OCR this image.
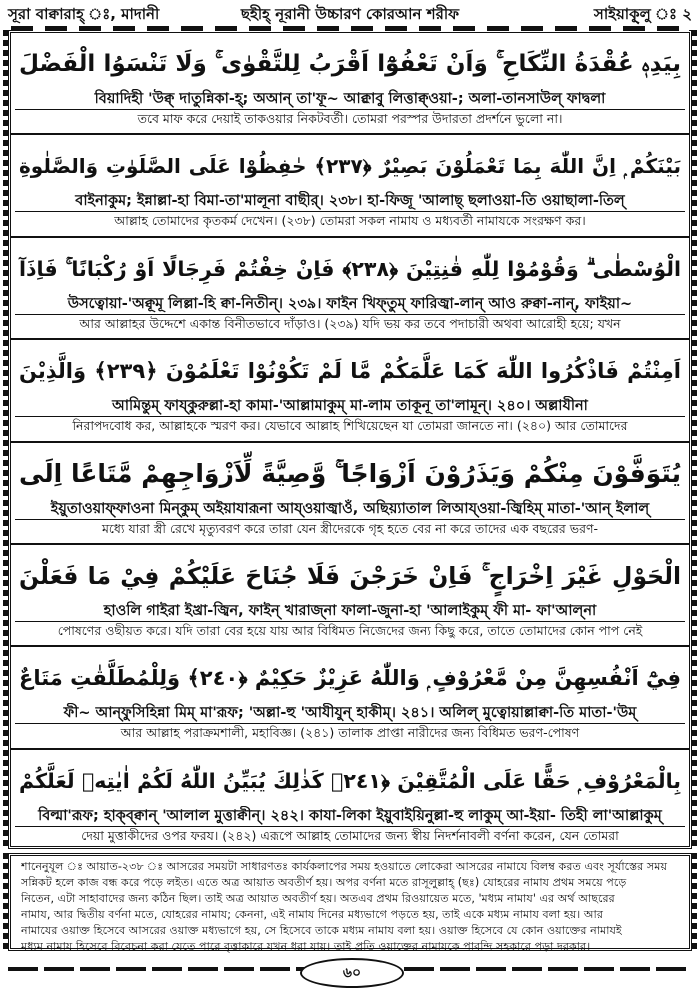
সূরা বাক্বারাহ্ ঃ, মাদানী	ছহীহ্ নূরানী উচ্চারণ কোরআন শরীফ	সাইয়াকূ্লু ঃ ২
بِيَدِهٖ عُقْدَةُ النِّكَاحِ ۚ وَاَنْ تَعْفُوْٓا اَقْرَبُ لِلتَّقْوٰى ۚ وَلَا تَنْسَوُا الْفَضْلَ
বিয়াদিহী 'উক্ব্ দাতুন্নিকা-হ্; অআন্ তা'ফূ~ আক্ব্রাবু লিত্তাক্ব্ওয়া-; অলা-তানসাউল্ ফাদ্বলা
তবে মাফ করে দেয়াই তাকওয়ার নিকটবর্তী। তোমরা পরস্পর উদারতা প্রদর্শনে ভুলো না।
بَيْنَكُمْ ۭ اِنَّ اللّٰهَ بِمَا تَعْمَلُوْنَ بَصِيْرٌ ﴿٢٣٧﴾ حٰفِظُوْا عَلَى الصَّلَوٰتِ وَالصَّلٰوةِ
বাইনাকুম; ইন্নাল্লা-হা বিমা-তা'মালূনা বাছীর্। ২৩৮। হা-ফিজূ 'আলাছ্ ছলাওয়া-তি ওয়াছালা-তিল্
আল্লাহ তোমাদের কৃতকর্ম দেখেন। (২৩৮) তোমরা সকল নামায ও মধ্যবর্তী নামাযকে সংরক্ষণ কর।
الْوُسْطٰى ۗ وَقُوْمُوْا لِلّٰهِ قٰنِتِيْنَ ﴿٢٣٨﴾ فَاِنْ خِفْتُمْ فَرِجَالًا اَوْ رُكْبَانًا ۚ فَاِذَآ
উসত্বোয়া-'অক্বূমূ লিল্লা-হি ক্বা-নিতীন্। ২৩৯। ফাইন খিফ্তুম্ ফারিজ্বা-লান্ আও রুক্বা-নান্, ফাইয়া~
আর আল্লাহর উদ্দেশে একান্ত বিনীতভাবে দাঁড়াও। (২৩৯) যদি ভয় কর তবে পদাচারী অথবা আরোহী হয়ে; যখন
اَمِنْتُمْ فَاذْكُرُوا اللّٰهَ كَمَا عَلَّمَكُمْ مَّا لَمْ تَكُوْنُوْا تَعْلَمُوْنَ ﴿٢٣٩﴾ وَالَّذِيْنَ
আমিন্তুম্ ফায্কুরুল্লা-হা কামা-'আল্লামাকুম্ মা-লাম তাকূনূ তা'লামূন্। ২৪০। অল্লাযীনা
নিরাপদবোধ কর, আল্লাহকে স্মরণ কর। যেভাবে আল্লাহ শিখিয়েছেন যা তোমরা জানতে না। (২৪০) আর তোমাদের
يُتَوَفَّوْنَ مِنْكُمْ وَيَذَرُوْنَ اَزْوَاجًا ۚ وَّصِيَّةً لِّاَزْوَاجِهِمْ مَّتَاعًا اِلَى
ইয়ুতাওয়াফ্ফাওনা মিন্কুম্ অইয়াযারূনা আয্ওয়াজ্বাওঁ, অছিয়্যাতাল লিআয্ওয়া-জ্বিহিম্ মাতা-'আন্ ইলাল্
মধ্যে যারা স্ত্রী রেখে মৃত্যুবরণ করে তারা যেন স্ত্রীদেরকে গৃহ হতে বের না করে তাদের এক বছরের ভরণ-
الْحَوْلِ غَيْرَ اِخْرَاجٍ ۚ فَاِنْ خَرَجْنَ فَلَا جُنَاحَ عَلَيْكُمْ فِيْ مَا فَعَلْنَ
হাওলি গাইরা ইখ্রা-জ্বিন, ফাইন্ খারাজ্না ফালা-জুনা-হা 'আলাইকুম্ ফী মা- ফা'আল্না
পোষণের ওছীয়ত করে। যদি তারা বের হয়ে যায় আর বিধিমত নিজেদের জন্য কিছু করে, তাতে তোমাদের কোন পাপ নেই
فِيْٓ اَنْفُسِهِنَّ مِنْ مَّعْرُوْفٍ ۭ وَاللّٰهُ عَزِيْزٌ حَكِيْمٌ ﴿٢٤٠﴾ وَلِلْمُطَلَّقٰتِ مَتَاعٌ
ফী~ আন্ফুসিহিন্না মিম্ মা'রূফ; 'অল্লা-হু 'আযীযুন্ হাকীম্। ২৪১। অলিল্ মুত্বোয়াল্লাক্বা-তি মাতা-'উম্
আর আল্লাহ পরাক্রমশালী, মহাবিজ্ঞ। (২৪১) তালাক প্রাপ্তা নারীদের জন্য বিধিমত ভরণ-পোষণ
بِالْمَعْرُوْفِ ۭ حَقًّا عَلَى الْمُتَّقِيْنَ ﴿٢٤١﴾ كَذٰلِكَ يُبَيِّنُ اللّٰهُ لَكُمْ اٰيٰتِهٖ لَعَلَّكُمْ
বিল্মা'রূফ; হাক্ব্ক্বান্ 'আলাল মুত্তাক্বীন্। ২৪২। কাযা-লিকা ইয়ুবাইয়িনুল্লা-হু লাকুম্ আ-ইয়া- তিহী লা'আল্লাকুম্
দেয়া মুত্তাকীদের ওপর ফরয। (২৪২) এরূপে আল্লাহ তোমাদের জন্য স্বীয় নিদর্শনাবলী বর্ণনা করেন, যেন তোমরা
শানেনুযূল ঃ আয়াত-২৩৮ ঃ আসরের সময়টা সাধারণতঃ কার্যকলাপের সময় হওয়াতে লোকেরা আসরের নামাযে বিলম্ব করত এবং সূর্যাস্তের সময়
সন্নিকট হলে কাজ বন্ধ করে পড়ে লইত। এতে অত্র আয়াত অবতীর্ণ হয়। অপর বর্ণনা মতে রাসূলুল্লাহ্ (ছঃ) যোহরের নামায প্রথম সময়ে পড়ে
নিতেন, এটা সাহাবাদের জন্য কঠিন ছিল। তাই অত্র আয়াত অবতীর্ণ হয়। অতএব প্রথম রিওয়ায়েত মতে, 'মধ্যম নামায' এর অর্থ আছরের
নামায, আর দ্বিতীয় বর্ণনা মতে, যোহরের নামায; কেননা, এই নামায দিনের মধ্যভাগে পড়তে হয়, তাই একে মধ্যম নামায বলা হয়। আর
নামাযের ওয়াক্ত হিসেবে আসরের ওয়াক্ত মধ্যভাগে হয়, সে হিসেবে তাকে মধ্যম নামায বলা হয়। ওয়াক্ত হিসেবে যে কোন ওয়াক্তের নামাযই
মধ্যম নামায হিসেবে বিবেচনা করা যেতে পারে বৃত্তাকারে যখন ধরা যায়। তাই প্রতি ওয়াক্তের নামাযকে পাবন্দি সহকারে পড়া দরকার।
৬০
